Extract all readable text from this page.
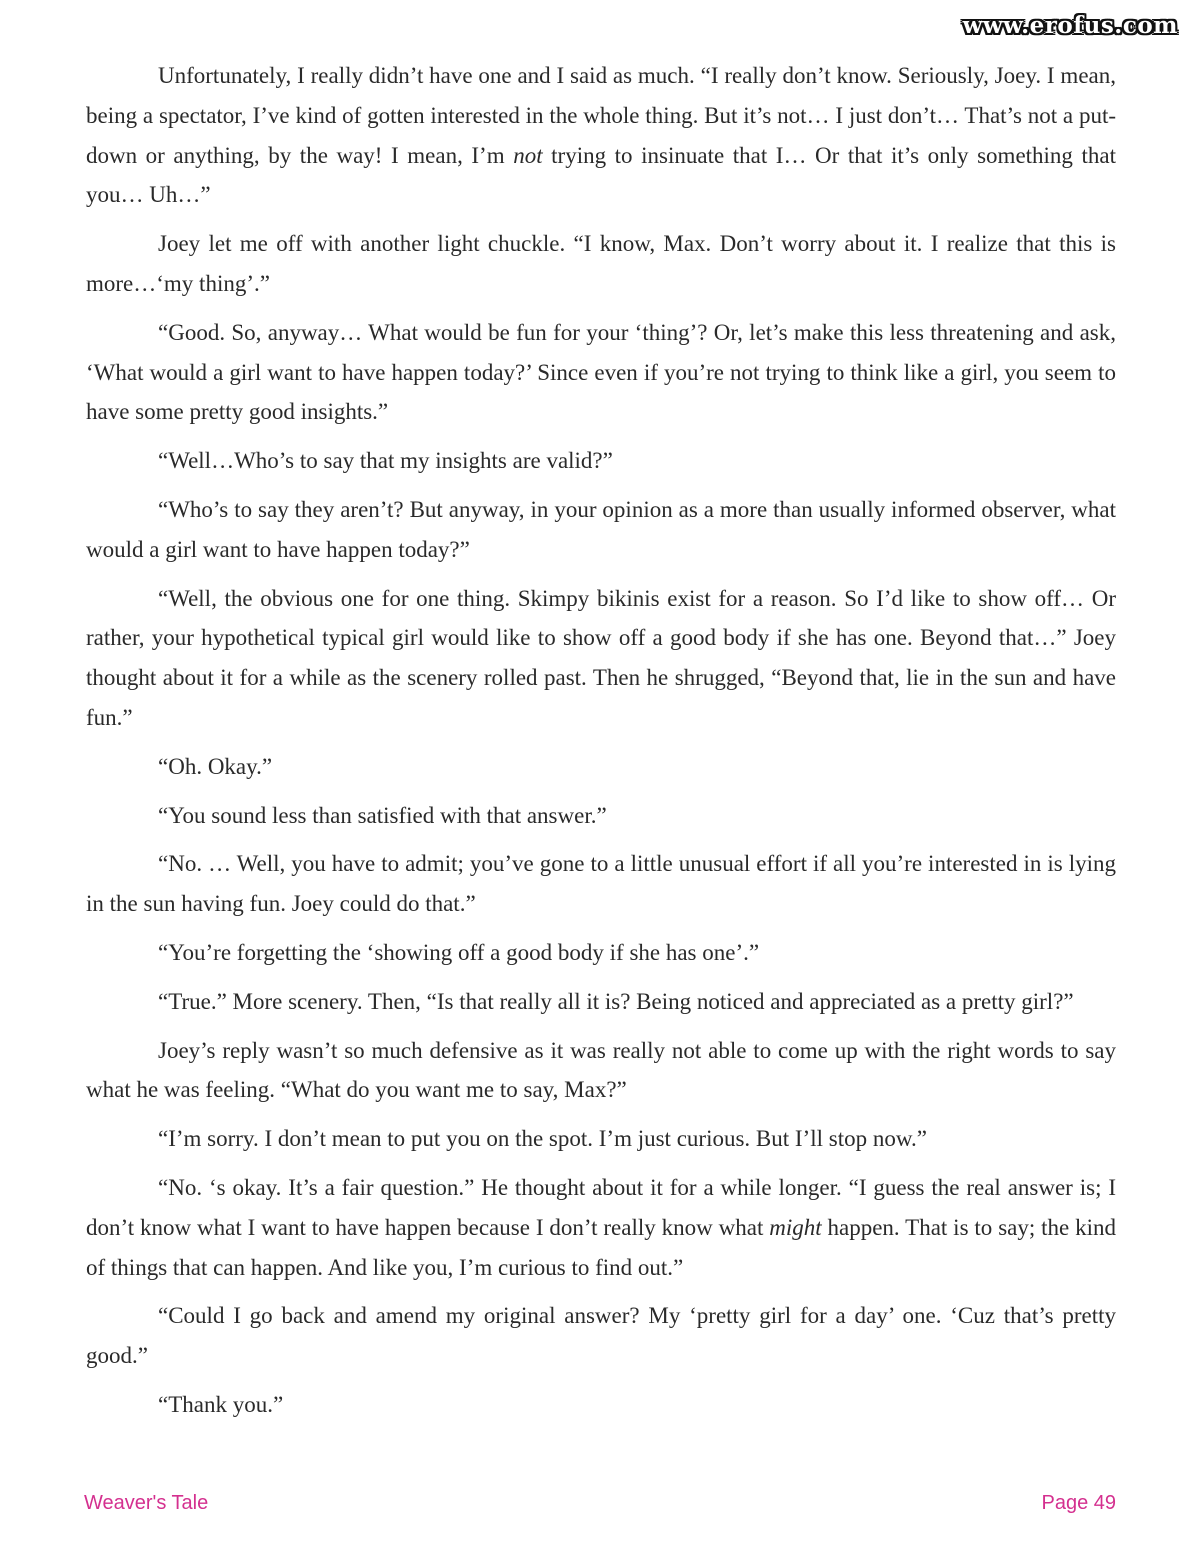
www.erofus.com

Unfortunately, I really didn’t have one and I said as much. “I really don’t know. Seriously, Joey. I mean, being a spectator, I’ve kind of gotten interested in the whole thing. But it’s not… I just don’t… That’s not a put-down or anything, by the way! I mean, I’m not trying to insinuate that I… Or that it’s only something that you… Uh…”

Joey let me off with another light chuckle. “I know, Max. Don’t worry about it. I realize that this is more…‘my thing’.”

“Good. So, anyway… What would be fun for your ‘thing’? Or, let’s make this less threatening and ask, ‘What would a girl want to have happen today?’ Since even if you’re not trying to think like a girl, you seem to have some pretty good insights.”

“Well…Who’s to say that my insights are valid?”

“Who’s to say they aren’t? But anyway, in your opinion as a more than usually informed observer, what would a girl want to have happen today?”

“Well, the obvious one for one thing. Skimpy bikinis exist for a reason. So I’d like to show off… Or rather, your hypothetical typical girl would like to show off a good body if she has one. Beyond that…” Joey thought about it for a while as the scenery rolled past. Then he shrugged, “Beyond that, lie in the sun and have fun.”

“Oh. Okay.”

“You sound less than satisfied with that answer.”

“No. … Well, you have to admit; you’ve gone to a little unusual effort if all you’re interested in is lying in the sun having fun. Joey could do that.”

“You’re forgetting the ‘showing off a good body if she has one’.”

“True.” More scenery. Then, “Is that really all it is? Being noticed and appreciated as a pretty girl?”

Joey’s reply wasn’t so much defensive as it was really not able to come up with the right words to say what he was feeling. “What do you want me to say, Max?”

“I’m sorry. I don’t mean to put you on the spot. I’m just curious. But I’ll stop now.”

“No. ‘s okay. It’s a fair question.” He thought about it for a while longer. “I guess the real answer is; I don’t know what I want to have happen because I don’t really know what might happen. That is to say; the kind of things that can happen. And like you, I’m curious to find out.”

“Could I go back and amend my original answer? My ‘pretty girl for a day’ one. ‘Cuz that’s pretty good.”

“Thank you.”

Weaver's Tale	Page 49
